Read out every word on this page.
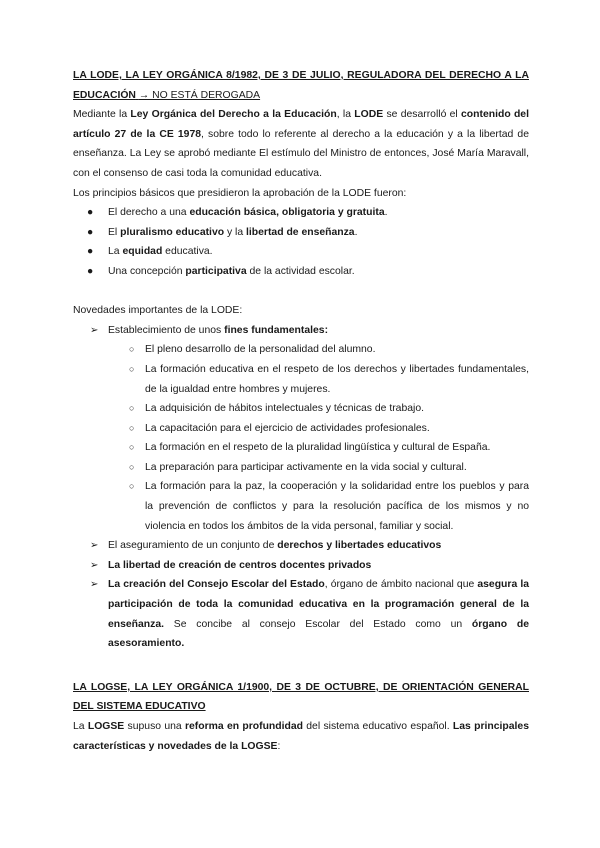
LA LODE, LA LEY ORGÁNICA 8/1982, DE 3 DE JULIO, REGULADORA DEL DERECHO A LA EDUCACIÓN → NO ESTÁ DEROGADA

Mediante la Ley Orgánica del Derecho a la Educación, la LODE se desarrolló el contenido del artículo 27 de la CE 1978, sobre todo lo referente al derecho a la educación y a la libertad de enseñanza. La Ley se aprobó mediante El estímulo del Ministro de entonces, José María Maravall, con el consenso de casi toda la comunidad educativa.

Los principios básicos que presidieron la aprobación de la LODE fueron:

● El derecho a una educación básica, obligatoria y gratuita.
● El pluralismo educativo y la libertad de enseñanza.
● La equidad educativa.
● Una concepción participativa de la actividad escolar.

Novedades importantes de la LODE:

➢ Establecimiento de unos fines fundamentales:
○ El pleno desarrollo de la personalidad del alumno.
○ La formación educativa en el respeto de los derechos y libertades fundamentales, de la igualdad entre hombres y mujeres.
○ La adquisición de hábitos intelectuales y técnicas de trabajo.
○ La capacitación para el ejercicio de actividades profesionales.
○ La formación en el respeto de la pluralidad lingüística y cultural de España.
○ La preparación para participar activamente en la vida social y cultural.
○ La formación para la paz, la cooperación y la solidaridad entre los pueblos y para la prevención de conflictos y para la resolución pacífica de los mismos y no violencia en todos los ámbitos de la vida personal, familiar y social.
➢ El aseguramiento de un conjunto de derechos y libertades educativos
➢ La libertad de creación de centros docentes privados
➢ La creación del Consejo Escolar del Estado, órgano de ámbito nacional que asegura la participación de toda la comunidad educativa en la programación general de la enseñanza. Se concibe al consejo Escolar del Estado como un órgano de asesoramiento.

LA LOGSE, LA LEY ORGÁNICA 1/1900, DE 3 DE OCTUBRE, DE ORIENTACIÓN GENERAL DEL SISTEMA EDUCATIVO

La LOGSE supuso una reforma en profundidad del sistema educativo español. Las principales características y novedades de la LOGSE:
